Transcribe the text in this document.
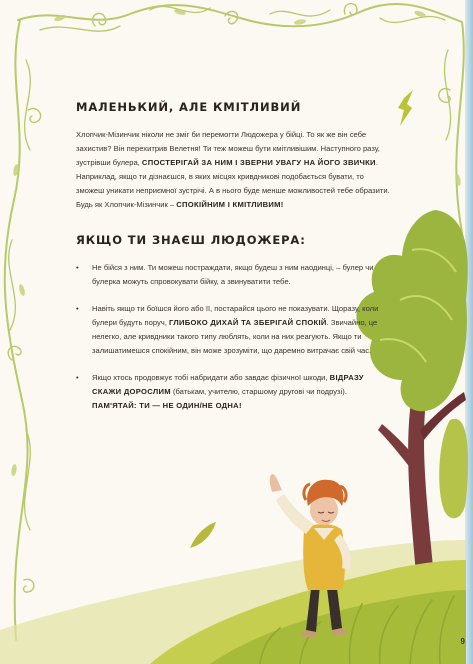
МАЛЕНЬКИЙ, АЛЕ КМІТЛИВИЙ
Хлопчик-Мізинчик ніколи не зміг би перемогти Людожера у бійці. То як же він себе захистив? Він перехитрив Велетня! Ти теж можеш бути кмітливішим. Наступного разу, зустрівши булера, СПОСТЕРІГАЙ ЗА НИМ І ЗВЕРНИ УВАГУ НА ЙОГО ЗВИЧКИ. Наприклад, якщо ти дізнаєшся, в яких місцях кривдникові подобається бувати, то зможеш уникати неприємної зустрічі. А в нього буде менше можливостей тебе образити. Будь як Хлопчик-Мізинчик – СПОКІЙНИМ І КМІТЛИВИМ!
ЯКЩО ТИ ЗНАЄШ ЛЮДОЖЕРА:
• Не бійся з ним. Ти можеш постраждати, якщо будеш з ним наодинці, – булер чи булерка можуть спровокувати бійку, а звинуватити тебе.
• Навіть якщо ти боїшся його або її, постарайся цього не показувати. Щоразу, коли булери будуть поруч, ГЛИБОКО ДИХАЙ ТА ЗБЕРІГАЙ СПОКІЙ. Звичайно, це нелегко, але кривдники такого типу люблять, коли на них реагують. Якщо ти залишатимешся спокійним, він може зрозуміти, що даремно витрачає свій час.
• Якщо хтось продовжує тобі набридати або завдає фізичної шкоди, ВІДРАЗУ СКАЖИ ДОРОСЛИМ (батькам, учителю, старшому другові чи подрузі).
ПАМ'ЯТАЙ: ТИ — НЕ ОДИН/НЕ ОДНА!
9
